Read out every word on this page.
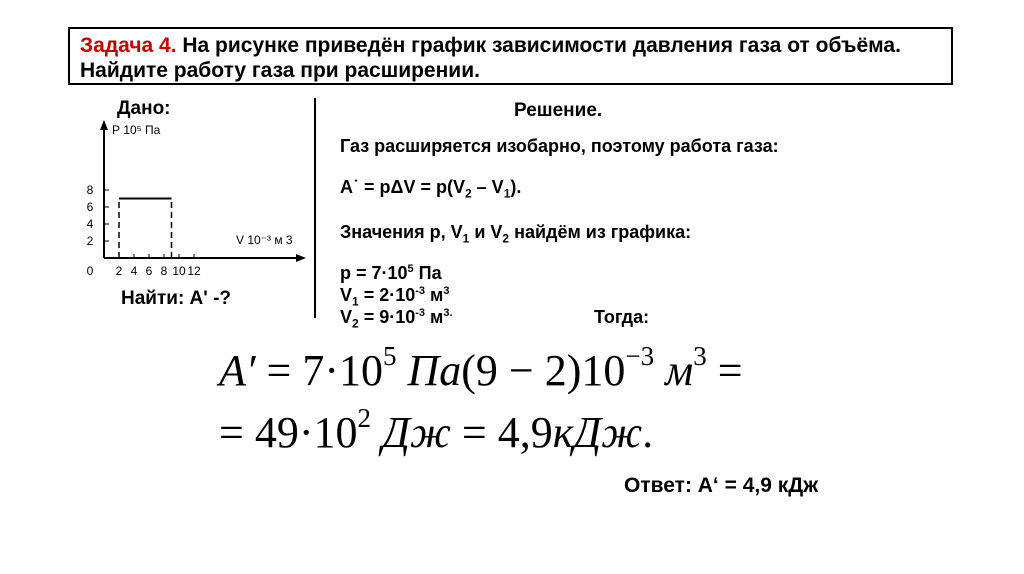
Задача 4. На рисунке приведён график зависимости давления газа от объёма. Найдите работу газа при расширении.
Дано:
Р 10⁵ Па
V 10⁻³ м 3
0 2 4 6 8 10 12
2
4
6
8
Найти: А' -?
Решение.
Газ расширяется изобарно, поэтому работа газа:
А˙ = $р\Delta V = р(V_2 - V_1)$.
Значения р, $V_1$ и $V_2$ найдём из графика:
$р = 7\cdot 10^5$ Па
$V_1 = 2\cdot 10^{-3}$ $м^3$
$V_2 = 9\cdot 10^{-3}$ $м^{3.}$	Тогда:
$A' = 7\cdot 10^5$ $Па(9 - 2)10^{-3}$ $м^3$ =
= $49\cdot 10^2$ Дж = 4,9кДж.
Ответ: А‘ = 4,9 кДж
